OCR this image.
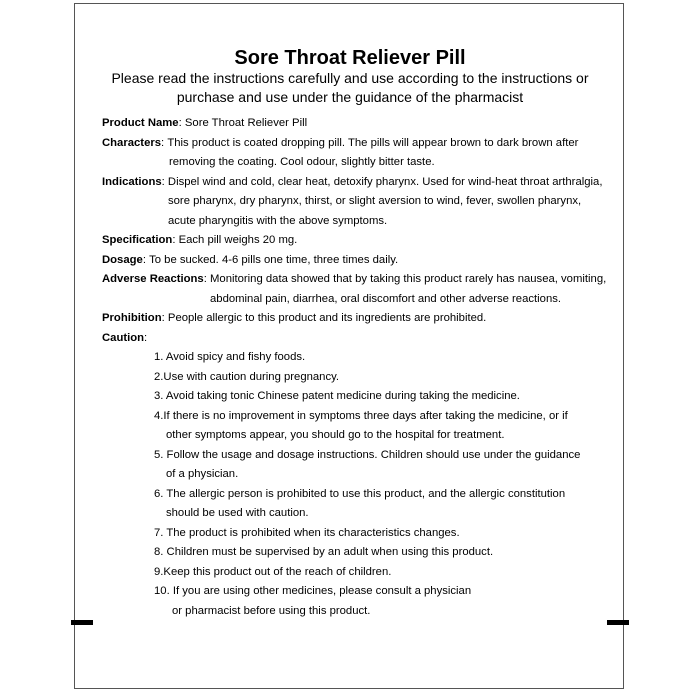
Sore Throat Reliever Pill
Please read the instructions carefully and use according to the instructions or purchase and use under the guidance of the pharmacist
Product Name : Sore Throat Reliever Pill
Characters : This product is coated dropping pill. The pills will appear brown to dark brown after
removing the coating. Cool odour, slightly bitter taste.
Indications : Dispel wind and cold, clear heat, detoxify pharynx. Used for wind-heat throat arthralgia,
sore pharynx, dry pharynx, thirst, or slight aversion to wind, fever, swollen pharynx,
acute pharyngitis with the above symptoms.
Specification : Each pill weighs 20 mg.
Dosage : To be sucked. 4-6 pills one time, three times daily.
Adverse Reactions : Monitoring data showed that by taking this product rarely has nausea, vomiting,
abdominal pain, diarrhea, oral discomfort and other adverse reactions.
Prohibition : People allergic to this product and its ingredients are prohibited.
Caution :
1. Avoid spicy and fishy foods.
2.Use with caution during pregnancy.
3. Avoid taking tonic Chinese patent medicine during taking the medicine.
4.If there is no improvement in symptoms three days after taking the medicine, or if
other symptoms appear, you should go to the hospital for treatment.
5. Follow the usage and dosage instructions. Children should use under the guidance
of a physician.
6. The allergic person is prohibited to use this product, and the allergic constitution
should be used with caution.
7. The product is prohibited when its characteristics changes.
8. Children must be supervised by an adult when using this product.
9.Keep this product out of the reach of children.
10. If you are using other medicines, please consult a physician
or pharmacist before using this product.
